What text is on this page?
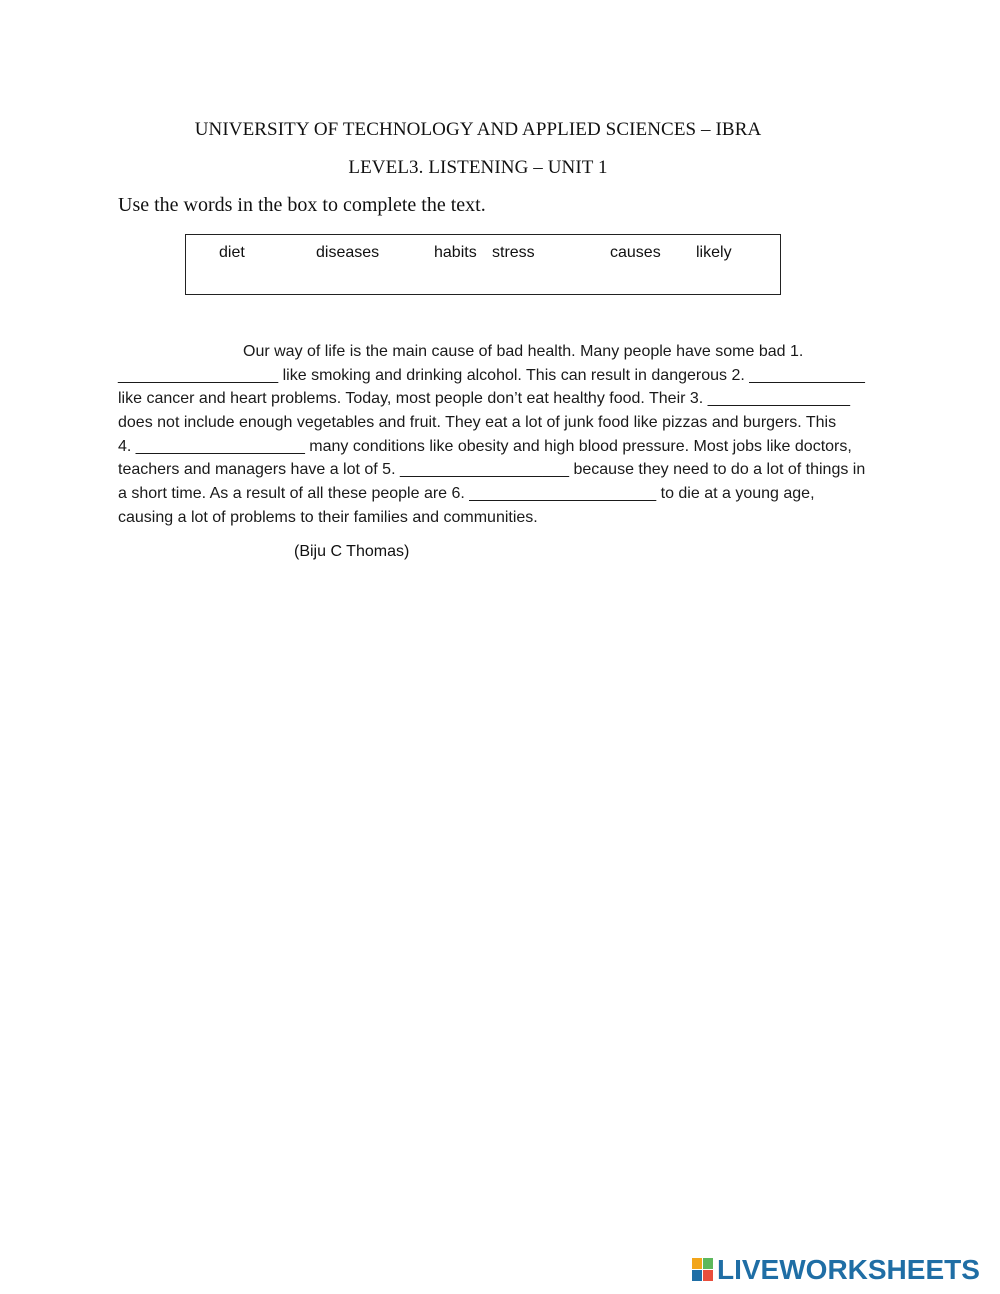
UNIVERSITY OF TECHNOLOGY AND APPLIED SCIENCES – IBRA
LEVEL3. LISTENING – UNIT 1
Use the words in the box to complete the text.
diet	diseases	habits stress	causes likely
Our way of life is the main cause of bad health. Many people have some bad 1.
__________________ like smoking and drinking alcohol. This can result in dangerous 2. _____________
like cancer and heart problems. Today, most people don’t eat healthy food. Their 3. ________________
does not include enough vegetables and fruit. They eat a lot of junk food like pizzas and burgers. This
4. ___________________ many conditions like obesity and high blood pressure. Most jobs like doctors,
teachers and managers have a lot of 5. ___________________ because they need to do a lot of things in
a short time. As a result of all these people are 6. _____________________ to die at a young age,
causing a lot of problems to their families and communities.
(Biju C Thomas)
LIVEWORKSHEETS
